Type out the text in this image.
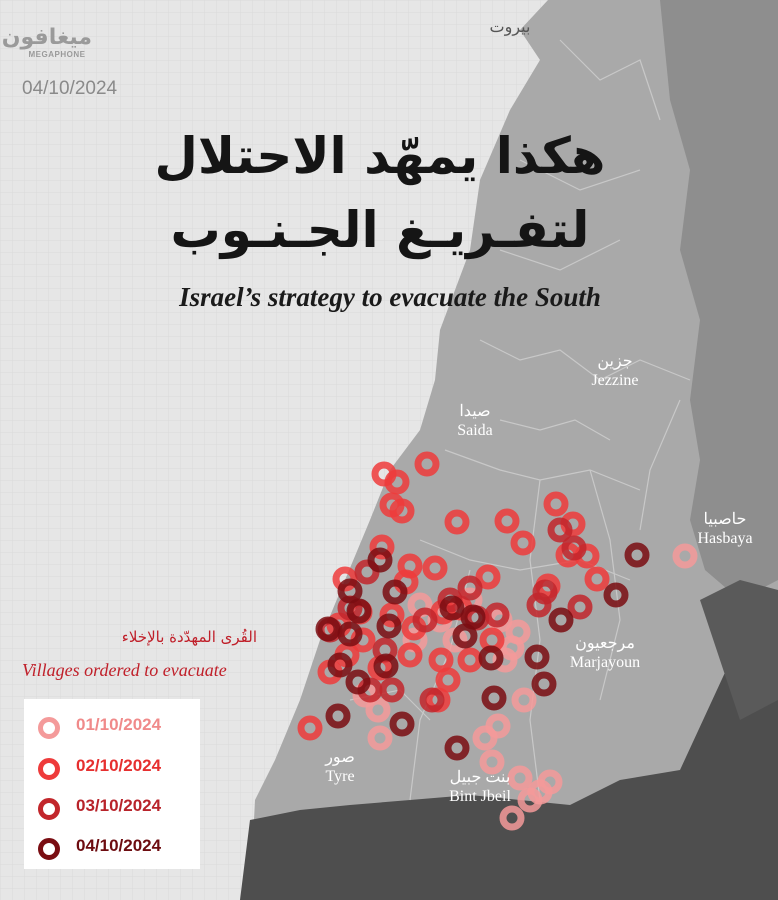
ميغافون
MEGAPHONE
04/10/2024
هكذا يمهّد الاحتلال
لتفـريـغ الجـنـوب
Israel’s strategy to evacuate the South
بيروت
جزين
Jezzine
صيدا
Saida
حاصبيا
Hasbaya
مرجعيون
Marjayoun
صور
Tyre	بنت جبيل
Bint Jbeil
القُرى المهدّدة بالإخلاء
Villages ordered to evacuate
01/10/2024
02/10/2024
03/10/2024
04/10/2024
